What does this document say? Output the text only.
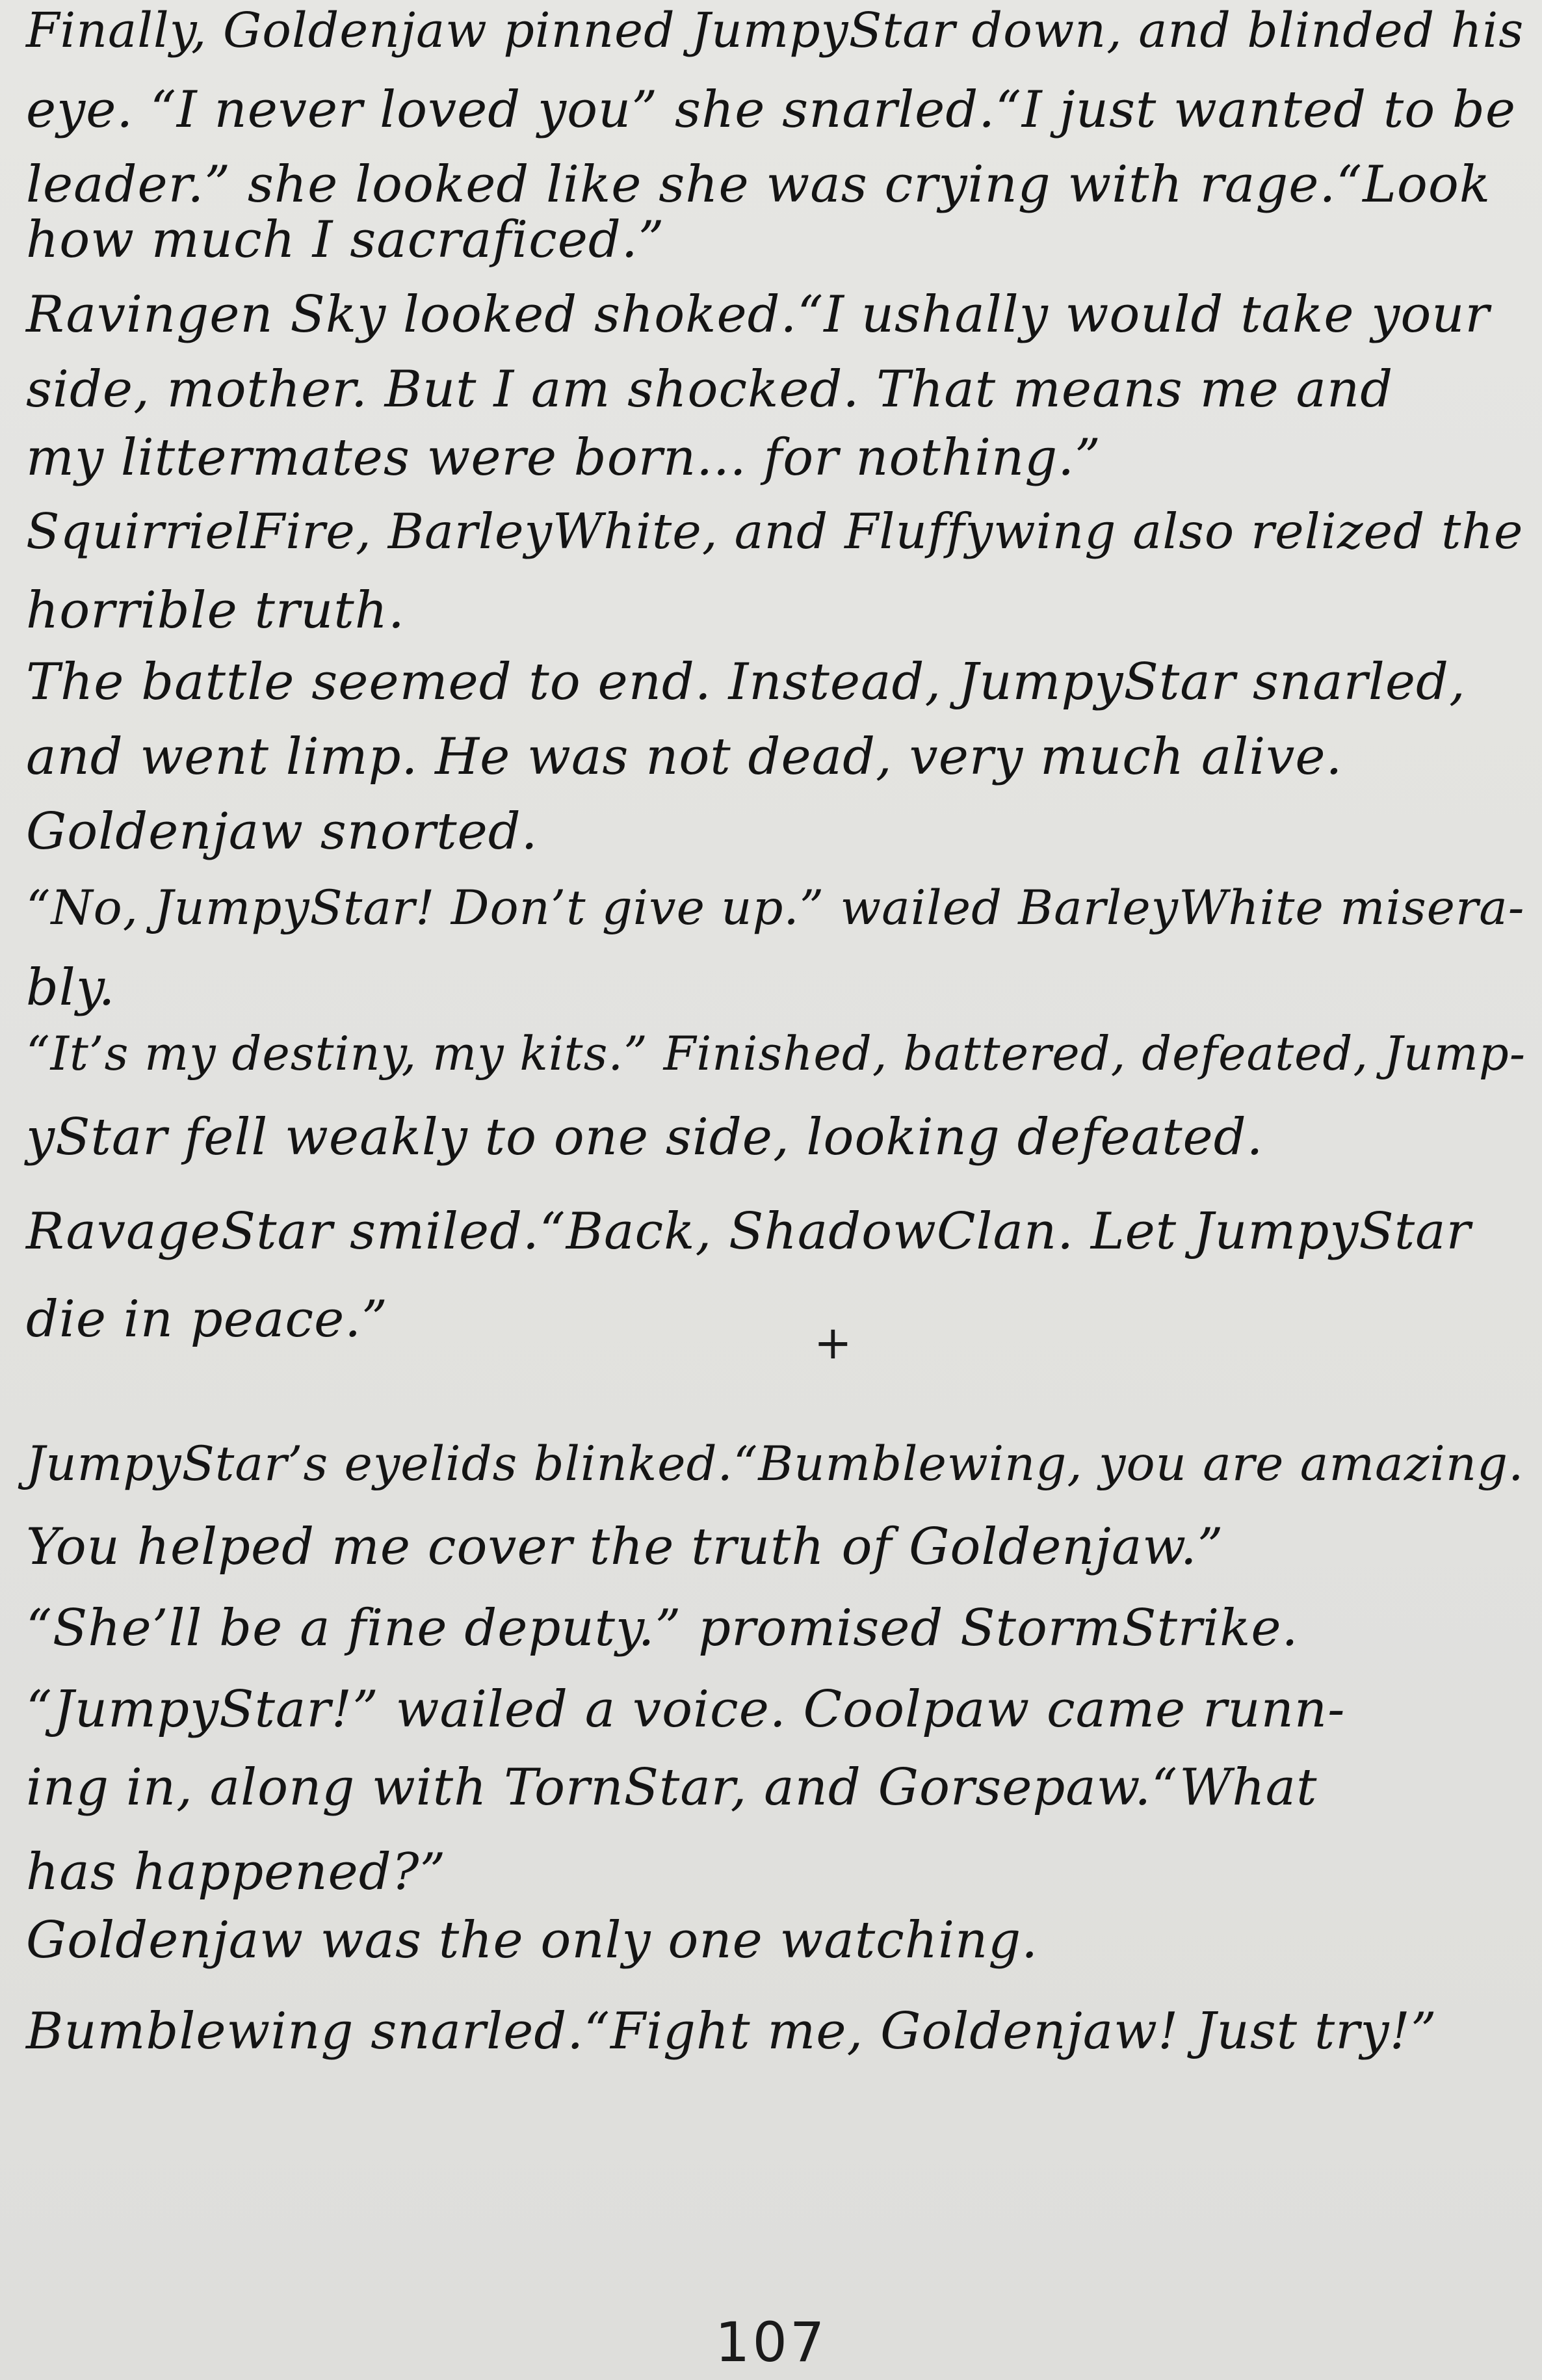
Finally, Goldenjaw pinned JumpyStar down, and blinded his
eye. “I never loved you” she snarled.“I just wanted to be
leader.” she looked like she was crying with rage.“Look
how much I sacraficed.”
Ravingen Sky looked shoked.“I ushally would take your
side, mother. But I am shocked. That means me and
my littermates were born... for nothing.”
SquirrielFire, BarleyWhite, and Fluffywing also relized the
horrible truth.
The battle seemed to end. Instead, JumpyStar snarled,
and went limp. He was not dead, very much alive.
Goldenjaw snorted.
“No, JumpyStar! Don’t give up.” wailed BarleyWhite misera-
bly.
“It’s my destiny, my kits.” Finished, battered, defeated, Jump-
yStar fell weakly to one side, looking defeated.
RavageStar smiled.“Back, ShadowClan. Let JumpyStar
die in peace.”	+
JumpyStar’s eyelids blinked.“Bumblewing, you are amazing.
You helped me cover the truth of Goldenjaw.”
“She’ll be a fine deputy.” promised StormStrike.
“JumpyStar!” wailed a voice. Coolpaw came runn-
ing in, along with TornStar, and Gorsepaw.“What
has happened?”
Goldenjaw was the only one watching.
Bumblewing snarled.“Fight me, Goldenjaw! Just try!”
107
